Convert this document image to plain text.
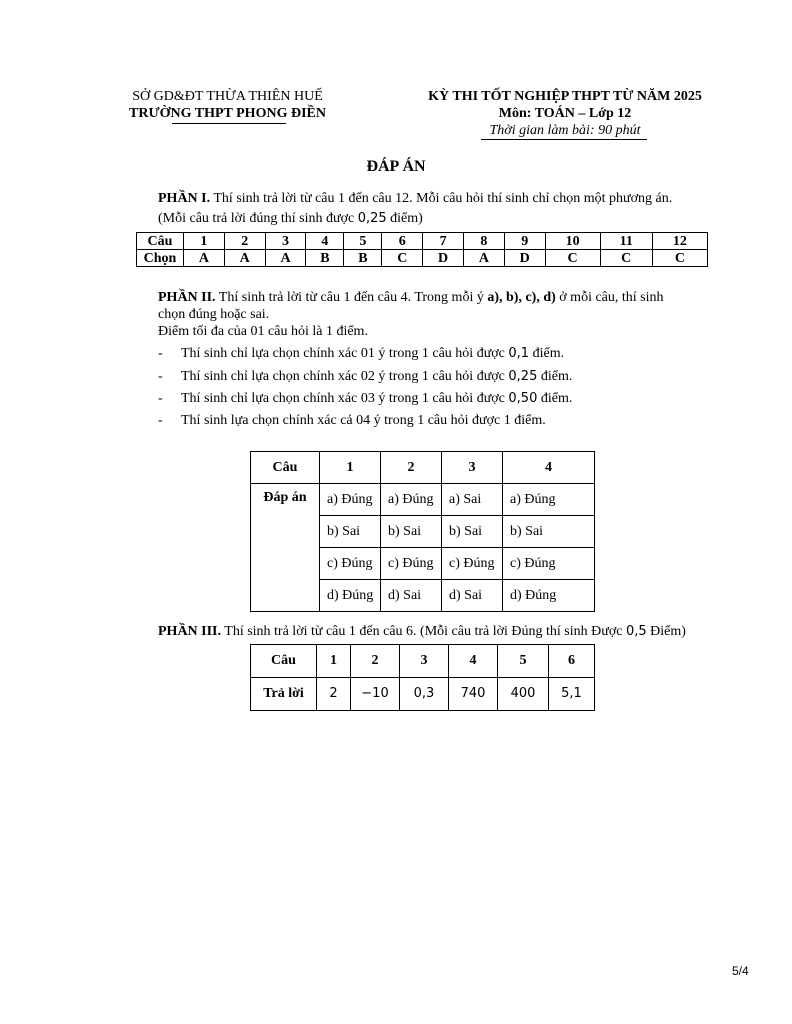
SỞ GD&ĐT THỪA THIÊN HUẾ
TRƯỜNG THPT PHONG ĐIỀN
KỲ THI TỐT NGHIỆP THPT TỪ NĂM 2025
Môn: TOÁN – Lớp 12
Thời gian làm bài: 90 phút
ĐÁP ÁN
PHẦN I. Thí sinh trả lời từ câu 1 đến câu 12. Mỗi câu hỏi thí sinh chỉ chọn một phương án.
(Mỗi câu trả lời đúng thí sinh được 0,25 điểm)
Câu	1	2	3	4	5	6	7	8	9	10	11	12
Chọn	A	A	A	B	B	C	D	A	D	C	C	C
PHẦN II. Thí sinh trả lời từ câu 1 đến câu 4. Trong mỗi ý a), b), c), d) ở mỗi câu, thí sinh
chọn đúng hoặc sai.
Điểm tối đa của 01 câu hỏi là 1 điểm.
- Thí sinh chỉ lựa chọn chính xác 01 ý trong 1 câu hỏi được 0,1 điểm.
- Thí sinh chỉ lựa chọn chính xác 02 ý trong 1 câu hỏi được 0,25 điểm.
- Thí sinh chỉ lựa chọn chính xác 03 ý trong 1 câu hỏi được 0,50 điểm.
- Thí sinh lựa chọn chính xác cả 04 ý trong 1 câu hỏi được 1 điểm.
Câu	1	2	3	4
Đáp án	a) Đúng	a) Đúng	a) Sai	a) Đúng
	b) Sai	b) Sai	b) Sai	b) Sai
	c) Đúng	c) Đúng	c) Đúng	c) Đúng
	d) Đúng	d) Sai	d) Sai	d) Đúng
PHẦN III. Thí sinh trả lời từ câu 1 đến câu 6. (Mỗi câu trả lời Đúng thí sinh Được 0,5 Điểm)
Câu	1	2	3	4	5	6
Trả lời	2	−10	0,3	740	400	5,1
5/4
